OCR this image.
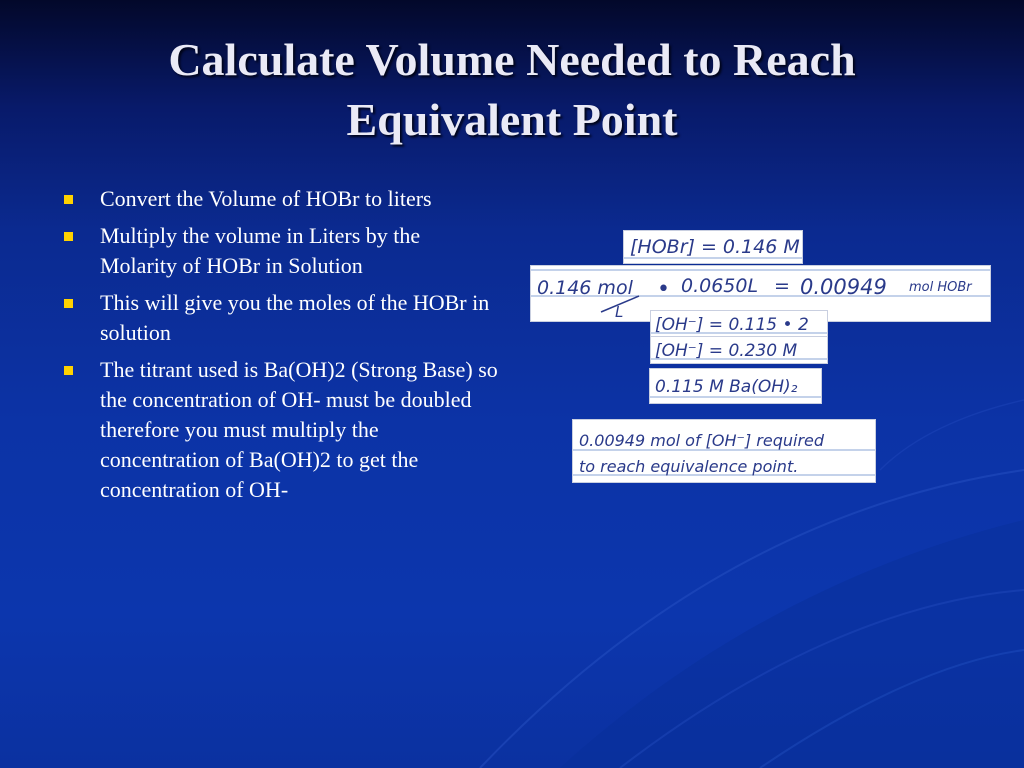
Calculate Volume Needed to Reach
Equivalent Point
Convert the Volume of HOBr to liters
Multiply the volume in Liters by the Molarity of HOBr in Solution
This will give you the moles of the HOBr in solution
The titrant used is Ba(OH)2 (Strong Base) so the concentration of OH- must be doubled therefore you must multiply the concentration of Ba(OH)2 to get the concentration of OH-
[HOBr] = 0.146 M
0.146 mol
L
• 0.0650L = 0.00949 mol HOBr
[OH⁻] = 0.115 • 2
[OH⁻] = 0.230 M
0.115 M Ba(OH)₂
0.00949 mol of [OH⁻] required
to reach equivalence point.
